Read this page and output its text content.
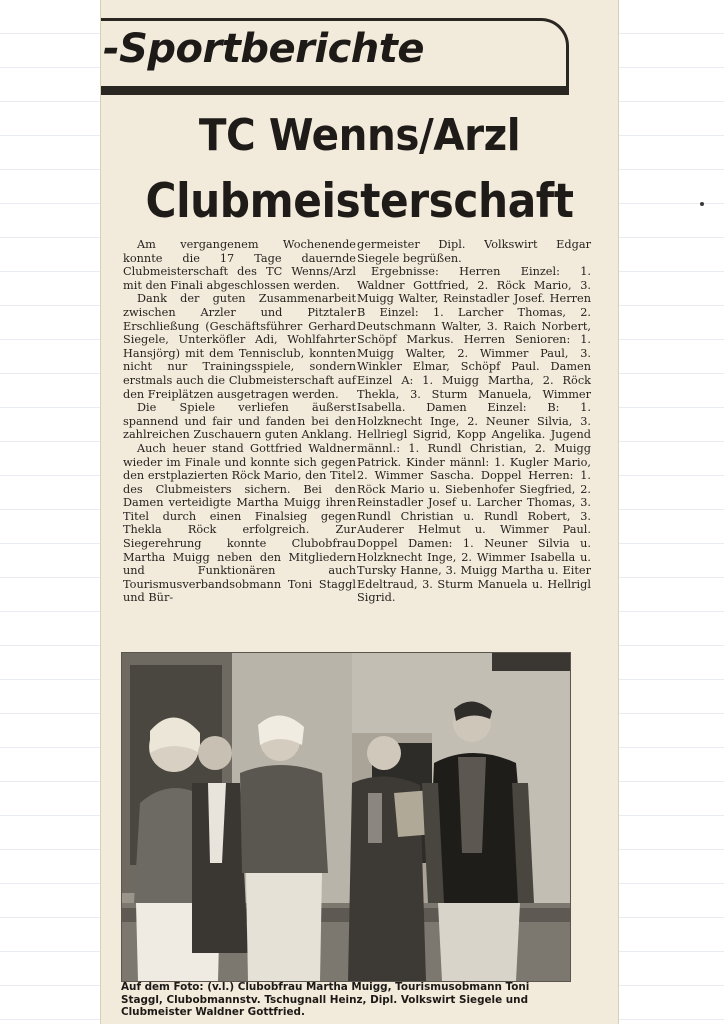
-Sportberichte
TC Wenns/Arzl
Clubmeisterschaft

Am vergangenem Wochenende konnte die 17 Tage dauernde Clubmeisterschaft des TC Wenns/Arzl mit den Finali abgeschlossen werden.

Dank der guten Zusammenarbeit zwischen Arzler und Pitztaler Erschließung (Geschäftsführer Gerhard Siegele, Unterköfler Adi, Wohlfahrter Hansjörg) mit dem Tennisclub, konnten nicht nur Trainingsspiele, sondern erstmals auch die Clubmeisterschaft auf den Freiplätzen ausgetragen werden.

Die Spiele verliefen äußerst spannend und fair und fanden bei den zahlreichen Zuschauern guten Anklang.

Auch heuer stand Gottfried Waldner wieder im Finale und konnte sich gegen den erstplazierten Röck Mario, den Titel des Clubmeisters sichern. Bei den Damen verteidigte Martha Muigg ihren Titel durch einen Finalsieg gegen Thekla Röck erfolgreich. Zur Siegerehrung konnte Clubobfrau Martha Muigg neben den Mitgliedern und Funktionären auch Tourismusverbandsobmann Toni Staggl und Bür-

germeister Dipl. Volkswirt Edgar Siegele begrüßen.

Ergebnisse: Herren Einzel: 1. Waldner Gottfried, 2. Röck Mario, 3. Muigg Walter, Reinstadler Josef. Herren B Einzel: 1. Larcher Thomas, 2. Deutschmann Walter, 3. Raich Norbert, Schöpf Markus. Herren Senioren: 1. Muigg Walter, 2. Wimmer Paul, 3. Winkler Elmar, Schöpf Paul. Damen Einzel A: 1. Muigg Martha, 2. Röck Thekla, 3. Sturm Manuela, Wimmer Isabella. Damen Einzel: B: 1. Holzknecht Inge, 2. Neuner Silvia, 3. Hellriegl Sigrid, Kopp Angelika. Jugend männl.: 1. Rundl Christian, 2. Muigg Patrick. Kinder männl: 1. Kugler Mario, 2. Wimmer Sascha. Doppel Herren: 1. Röck Mario u. Siebenhofer Siegfried, 2. Reinstadler Josef u. Larcher Thomas, 3. Rundl Christian u. Rundl Robert, 3. Auderer Helmut u. Wimmer Paul. Doppel Damen: 1. Neuner Silvia u. Holzknecht Inge, 2. Wimmer Isabella u. Tursky Hanne, 3. Muigg Martha u. Eiter Edeltraud, 3. Sturm Manuela u. Hellrigl Sigrid.

Auf dem Foto: (v.l.) Clubobfrau Martha Muigg, Tourismusobmann Toni Staggl, Clubobmannstv. Tschugnall Heinz, Dipl. Volkswirt Siegele und Clubmeister Waldner Gottfried.
